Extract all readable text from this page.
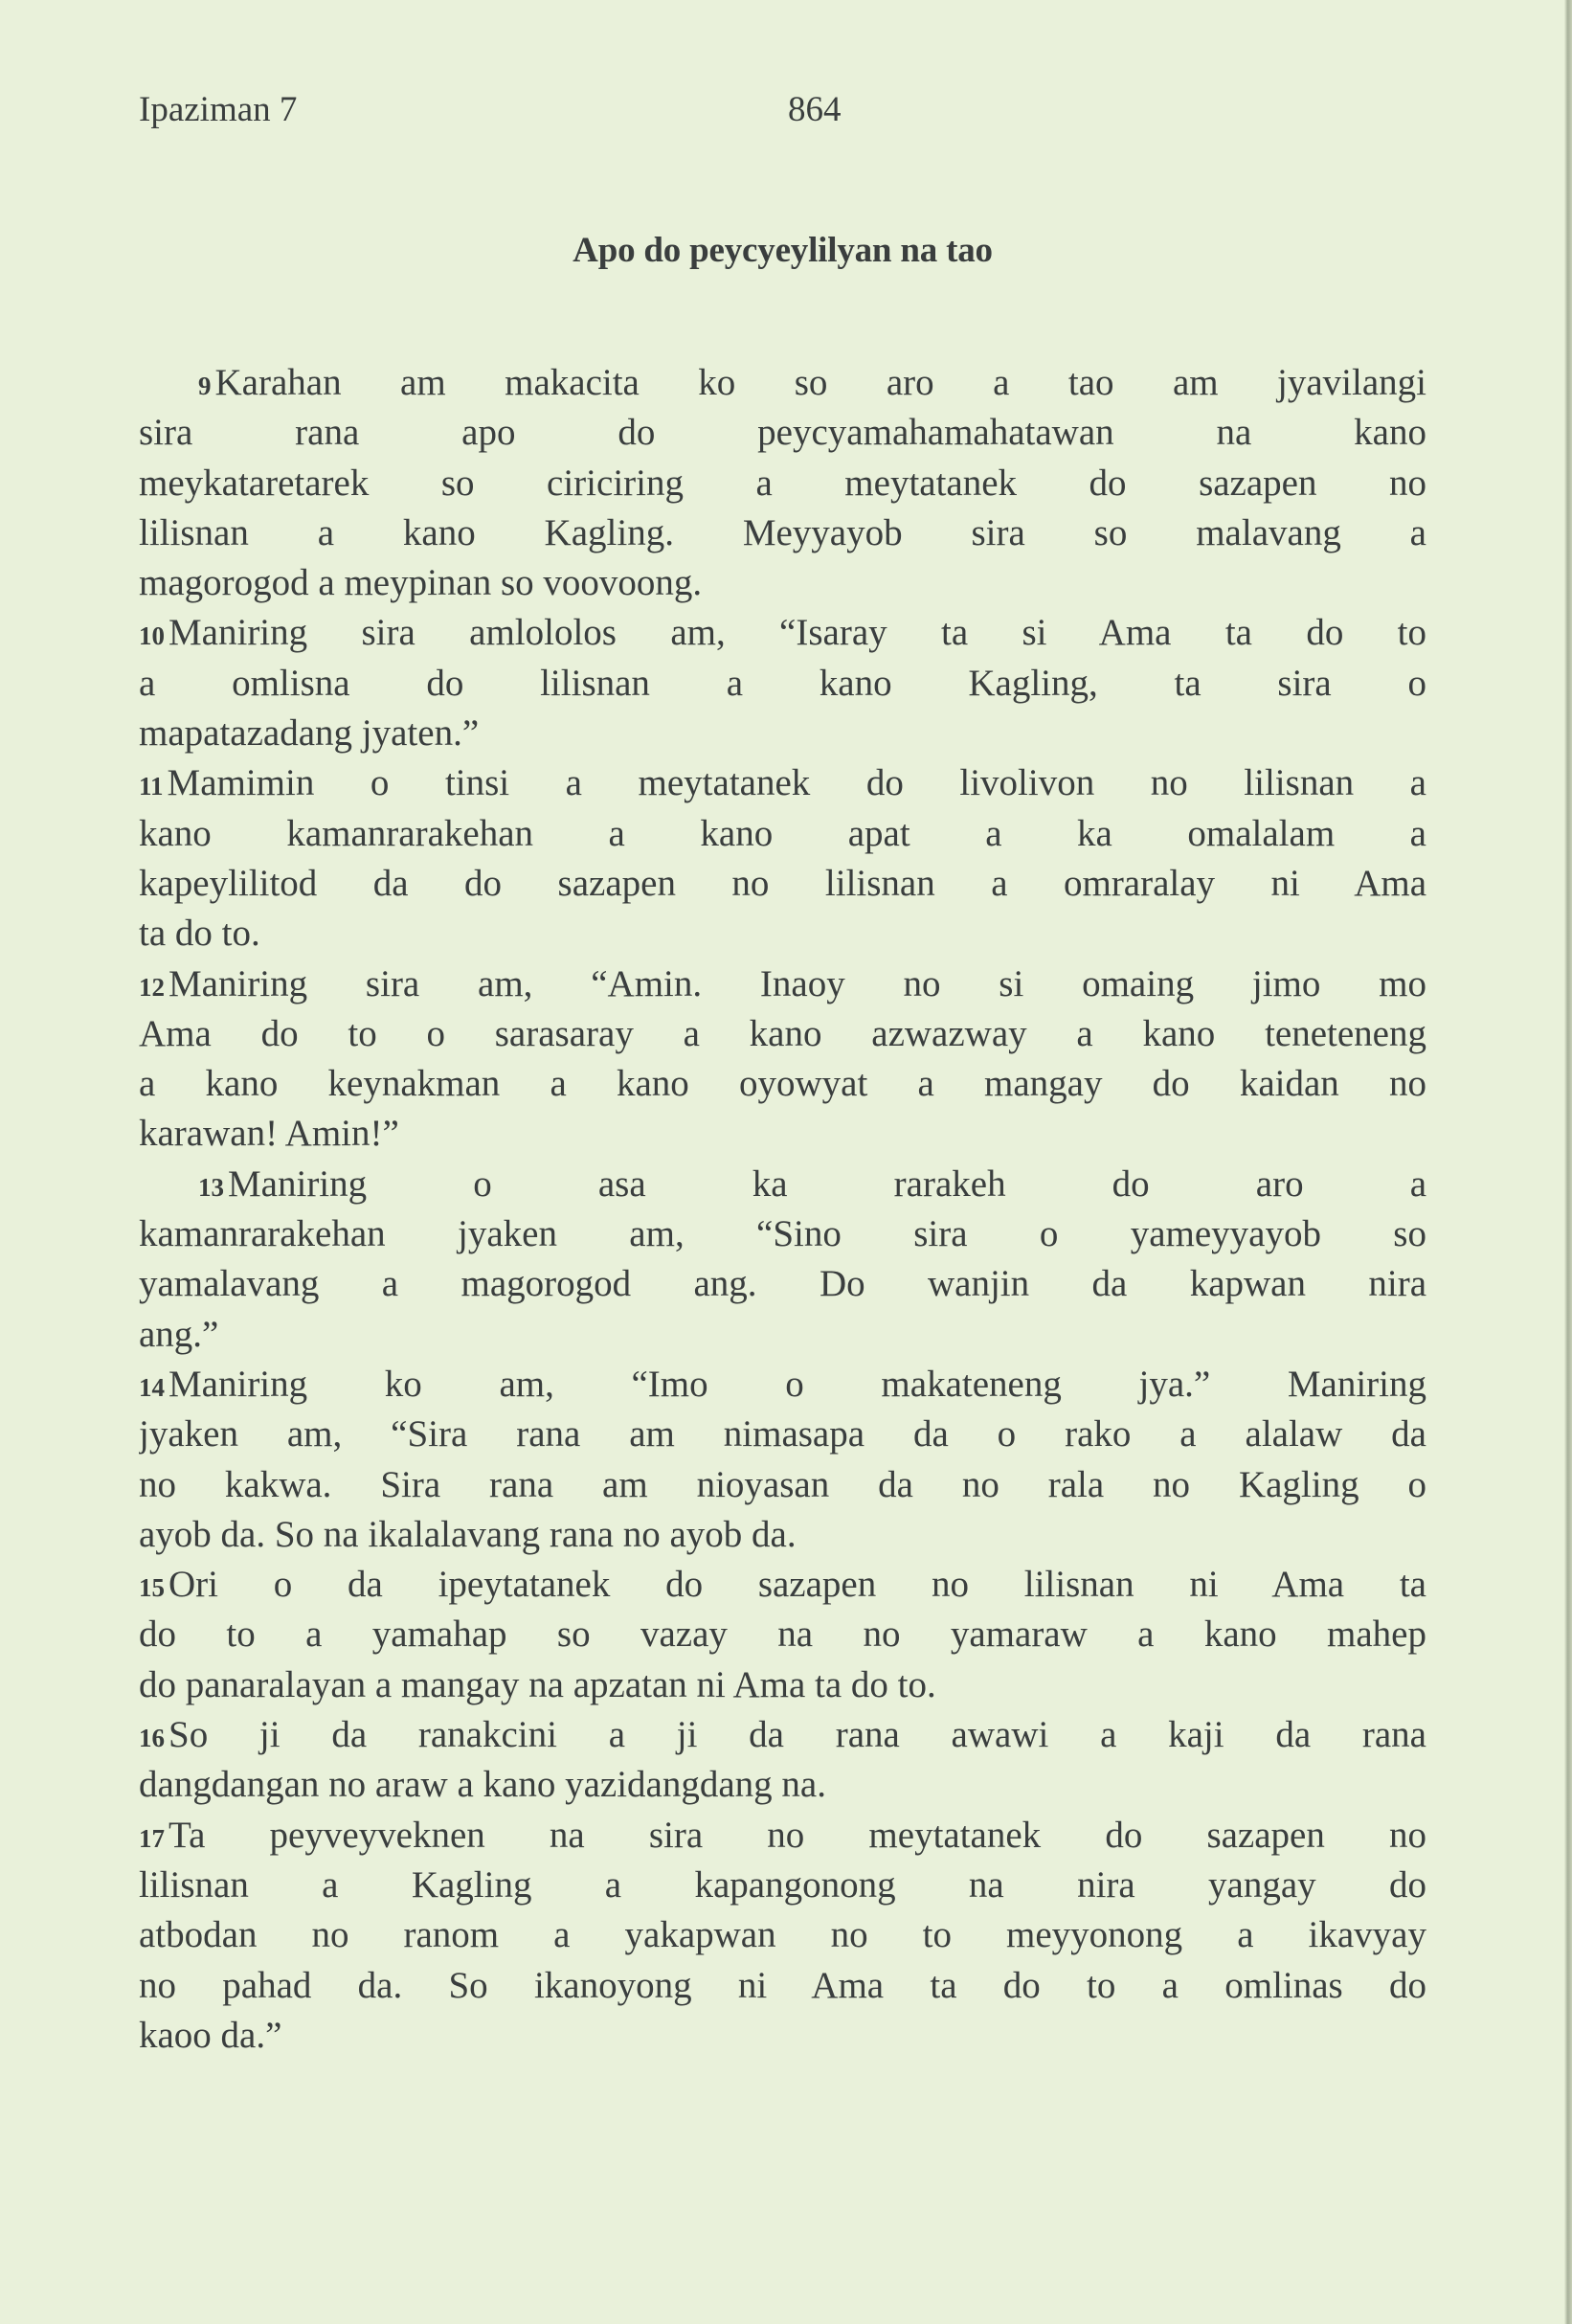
Ipaziman 7	864
Apo do peycyeylilyan na tao
9 Karahan am makacita ko so aro a tao am jyavilangi
sira rana apo do peycyamahamahatawan na kano
meykataretarek so ciriciring a meytatanek do sazapen no
lilisnan a kano Kagling. Meyyayob sira so malavang a
magorogod a meypinan so voovoong.
10 Maniring sira amlololos am, “Isaray ta si Ama ta do to
a omlisna do lilisnan a kano Kagling, ta sira o
mapatazadang jyaten.”
11 Mamimin o tinsi a meytatanek do livolivon no lilisnan a
kano kamanrarakehan a kano apat a ka omalalam a
kapeylilitod da do sazapen no lilisnan a omraralay ni Ama
ta do to.
12 Maniring sira am, “Amin. Inaoy no si omaing jimo mo
Ama do to o sarasaray a kano azwazway a kano teneteneng
a kano keynakman a kano oyowyat a mangay do kaidan no
karawan! Amin!”
13 Maniring o asa ka rarakeh do aro a
kamanrarakehan jyaken am, “Sino sira o yameyyayob so
yamalavang a magorogod ang. Do wanjin da kapwan nira
ang.”
14 Maniring ko am, “Imo o makateneng jya.” Maniring
jyaken am, “Sira rana am nimasapa da o rako a alalaw da
no kakwa. Sira rana am nioyasan da no rala no Kagling o
ayob da. So na ikalalavang rana no ayob da.
15 Ori o da ipeytatanek do sazapen no lilisnan ni Ama ta
do to a yamahap so vazay na no yamaraw a kano mahep
do panaralayan a mangay na apzatan ni Ama ta do to.
16 So ji da ranakcini a ji da rana awawi a kaji da rana
dangdangan no araw a kano yazidangdang na.
17 Ta peyveyveknen na sira no meytatanek do sazapen no
lilisnan a Kagling a kapangonong na nira yangay do
atbodan no ranom a yakapwan no to meyyonong a ikavyay
no pahad da. So ikanoyong ni Ama ta do to a omlinas do
kaoo da.”
